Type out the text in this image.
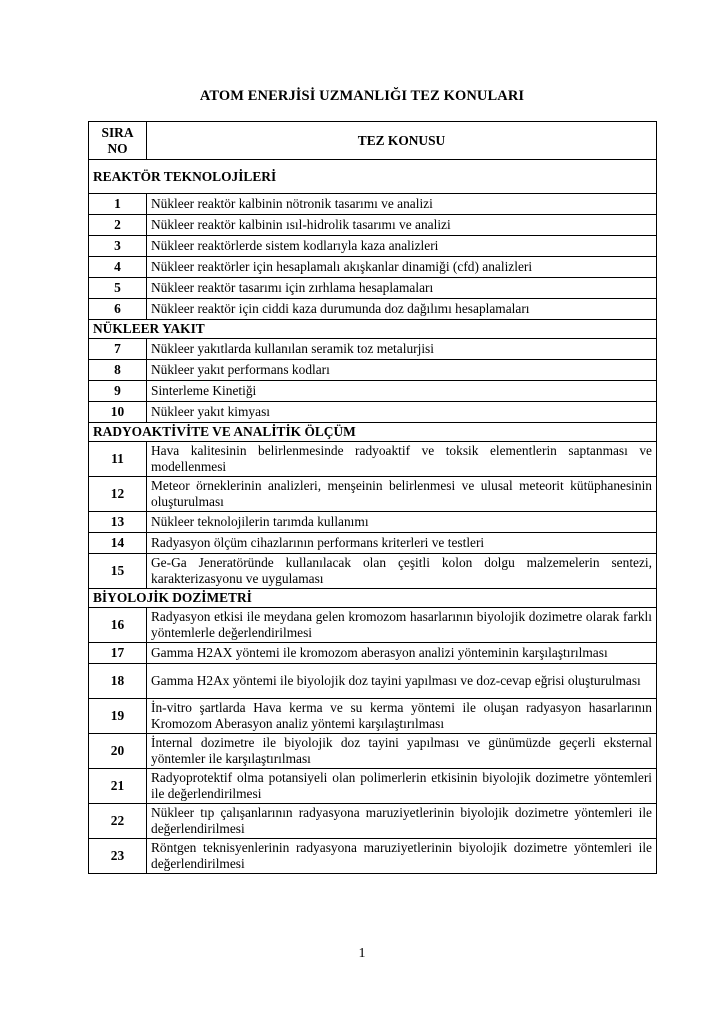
ATOM ENERJİSİ UZMANLIĞI TEZ KONULARI
SIRA NO	TEZ KONUSU
REAKTÖR TEKNOLOJİLERİ	
1	Nükleer reaktör kalbinin nötronik tasarımı ve analizi
2	Nükleer reaktör kalbinin ısıl-hidrolik tasarımı ve analizi
3	Nükleer reaktörlerde sistem kodlarıyla kaza analizleri
4	Nükleer reaktörler için hesaplamalı akışkanlar dinamiği (cfd) analizleri
5	Nükleer reaktör tasarımı için zırhlama hesaplamaları
6	Nükleer reaktör için ciddi kaza durumunda doz dağılımı hesaplamaları
NÜKLEER YAKIT	
7	Nükleer yakıtlarda kullanılan seramik toz metalurjisi
8	Nükleer yakıt performans kodları
9	Sinterleme Kinetiği
10	Nükleer yakıt kimyası
RADYOAKTİVİTE VE ANALİTİK ÖLÇÜM	
11	Hava kalitesinin belirlenmesinde radyoaktif ve toksik elementlerin saptanması ve modellenmesi
12	Meteor örneklerinin analizleri, menşeinin belirlenmesi ve ulusal meteorit kütüphanesinin oluşturulması
13	Nükleer teknolojilerin tarımda kullanımı
14	Radyasyon ölçüm cihazlarının performans kriterleri ve testleri
15	Ge-Ga Jeneratöründe kullanılacak olan çeşitli kolon dolgu malzemelerin sentezi, karakterizasyonu ve uygulaması
BİYOLOJİK DOZİMETRİ	
16	Radyasyon etkisi ile meydana gelen kromozom hasarlarının biyolojik dozimetre olarak farklı yöntemlerle değerlendirilmesi
17	Gamma H2AX yöntemi ile kromozom aberasyon analizi yönteminin karşılaştırılması
18	Gamma H2Ax yöntemi ile biyolojik doz tayini yapılması ve doz-cevap eğrisi oluşturulması
19	İn-vitro şartlarda Hava kerma ve su kerma yöntemi ile oluşan radyasyon hasarlarının Kromozom Aberasyon analiz yöntemi karşılaştırılması
20	İnternal dozimetre ile biyolojik doz tayini yapılması ve günümüzde geçerli eksternal yöntemler ile karşılaştırılması
21	Radyoprotektif olma potansiyeli olan polimerlerin etkisinin biyolojik dozimetre yöntemleri ile değerlendirilmesi
22	Nükleer tıp çalışanlarının radyasyona maruziyetlerinin biyolojik dozimetre yöntemleri ile değerlendirilmesi
23	Röntgen teknisyenlerinin radyasyona maruziyetlerinin biyolojik dozimetre yöntemleri ile değerlendirilmesi
1
